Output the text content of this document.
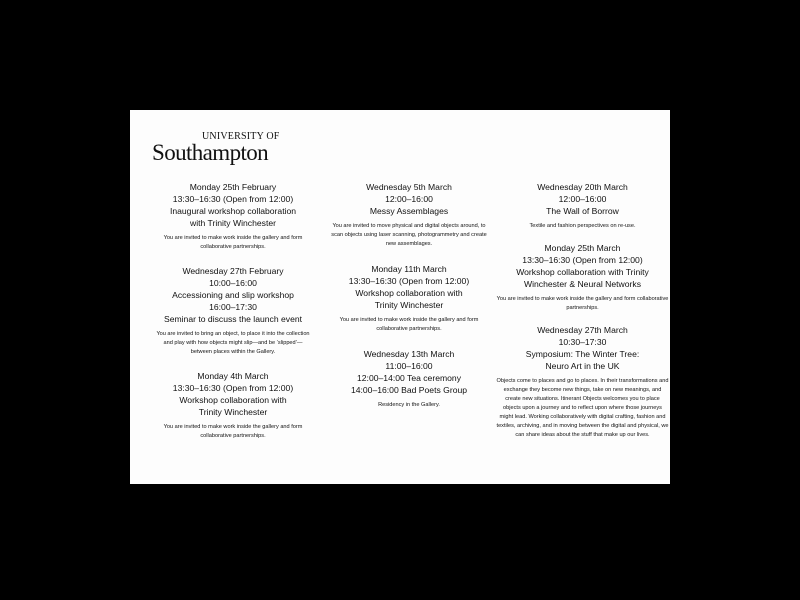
UNIVERSITY OF
Southampton
Monday 25th February
13:30–16:30 (Open from 12:00)
Inaugural workshop collaboration
with Trinity Winchester
You are invited to make work inside the gallery and form collaborative partnerships.
Wednesday 27th February
10:00–16:00
Accessioning and slip workshop
16:00–17:30
Seminar to discuss the launch event
You are invited to bring an object, to place it into the collection and play with how objects might slip—and be ‘slipped’—between places within the Gallery.
Monday 4th March
13:30–16:30 (Open from 12:00)
Workshop collaboration with
Trinity Winchester
You are invited to make work inside the gallery and form collaborative partnerships.
Wednesday 5th March
12:00–16:00
Messy Assemblages
You are invited to move physical and digital objects around, to scan objects using laser scanning, photogrammetry and create new assemblages.
Monday 11th March
13:30–16:30 (Open from 12:00)
Workshop collaboration with
Trinity Winchester
You are invited to make work inside the gallery and form collaborative partnerships.
Wednesday 13th March
11:00–16:00
12:00–14:00 Tea ceremony
14:00–16:00 Bad Poets Group
Residency in the Gallery.
Wednesday 20th March
12:00–16:00
The Wall of Borrow
Textile and fashion perspectives on re-use.
Monday 25th March
13:30–16:30 (Open from 12:00)
Workshop collaboration with Trinity
Winchester & Neural Networks
You are invited to make work inside the gallery and form collaborative partnerships.
Wednesday 27th March
10:30–17:30
Symposium: The Winter Tree:
Neuro Art in the UK
Objects come to places and go to places. In their transformations and exchange they become new things, take on new meanings, and create new situations. Itinerant Objects welcomes you to place objects upon a journey and to reflect upon where those journeys might lead. Working collaboratively with digital crafting, fashion and textiles, archiving, and in moving between the digital and physical, we can share ideas about the stuff that make up our lives.
